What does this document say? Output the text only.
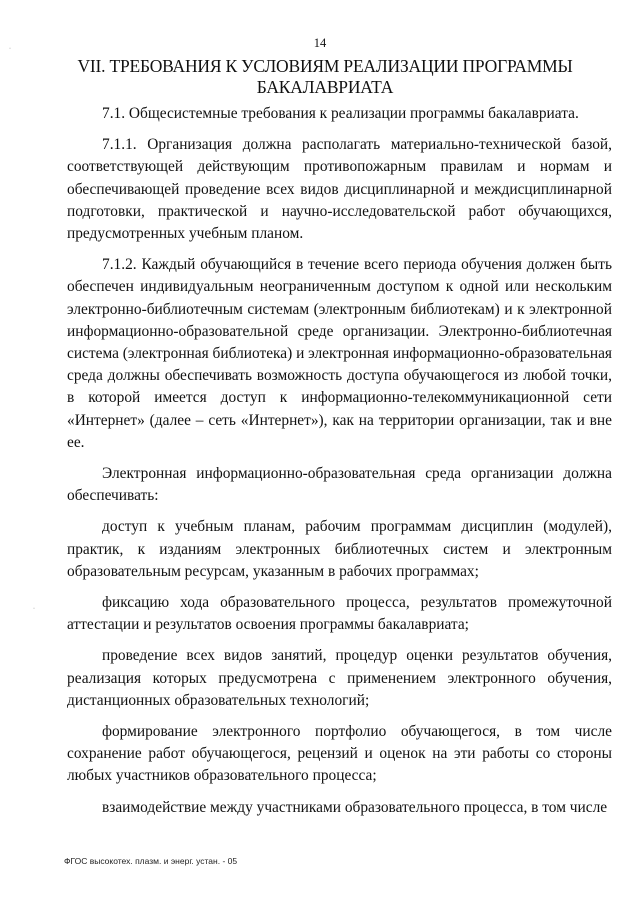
14
VII. ТРЕБОВАНИЯ К УСЛОВИЯМ РЕАЛИЗАЦИИ ПРОГРАММЫ БАКАЛАВРИАТА

7.1. Общесистемные требования к реализации программы бакалавриата.

7.1.1. Организация должна располагать материально-технической базой, соответствующей действующим противопожарным правилам и нормам и обеспечивающей проведение всех видов дисциплинарной и междисциплинарной подготовки, практической и научно-исследовательской работ обучающихся, предусмотренных учебным планом.

7.1.2. Каждый обучающийся в течение всего периода обучения должен быть обеспечен индивидуальным неограниченным доступом к одной или нескольким электронно-библиотечным системам (электронным библиотекам) и к электронной информационно-образовательной среде организации. Электронно-библиотечная система (электронная библиотека) и электронная информационно-образовательная среда должны обеспечивать возможность доступа обучающегося из любой точки, в которой имеется доступ к информационно-телекоммуникационной сети «Интернет» (далее – сеть «Интернет»), как на территории организации, так и вне ее.

Электронная информационно-образовательная среда организации должна обеспечивать:

доступ к учебным планам, рабочим программам дисциплин (модулей), практик, к изданиям электронных библиотечных систем и электронным образовательным ресурсам, указанным в рабочих программах;

фиксацию хода образовательного процесса, результатов промежуточной аттестации и результатов освоения программы бакалавриата;

проведение всех видов занятий, процедур оценки результатов обучения, реализация которых предусмотрена с применением электронного обучения, дистанционных образовательных технологий;

формирование электронного портфолио обучающегося, в том числе сохранение работ обучающегося, рецензий и оценок на эти работы со стороны любых участников образовательного процесса;

взаимодействие между участниками образовательного процесса, в том числе

ФГОС высокотех. плазм. и энерг. устан. - 05
·
·
